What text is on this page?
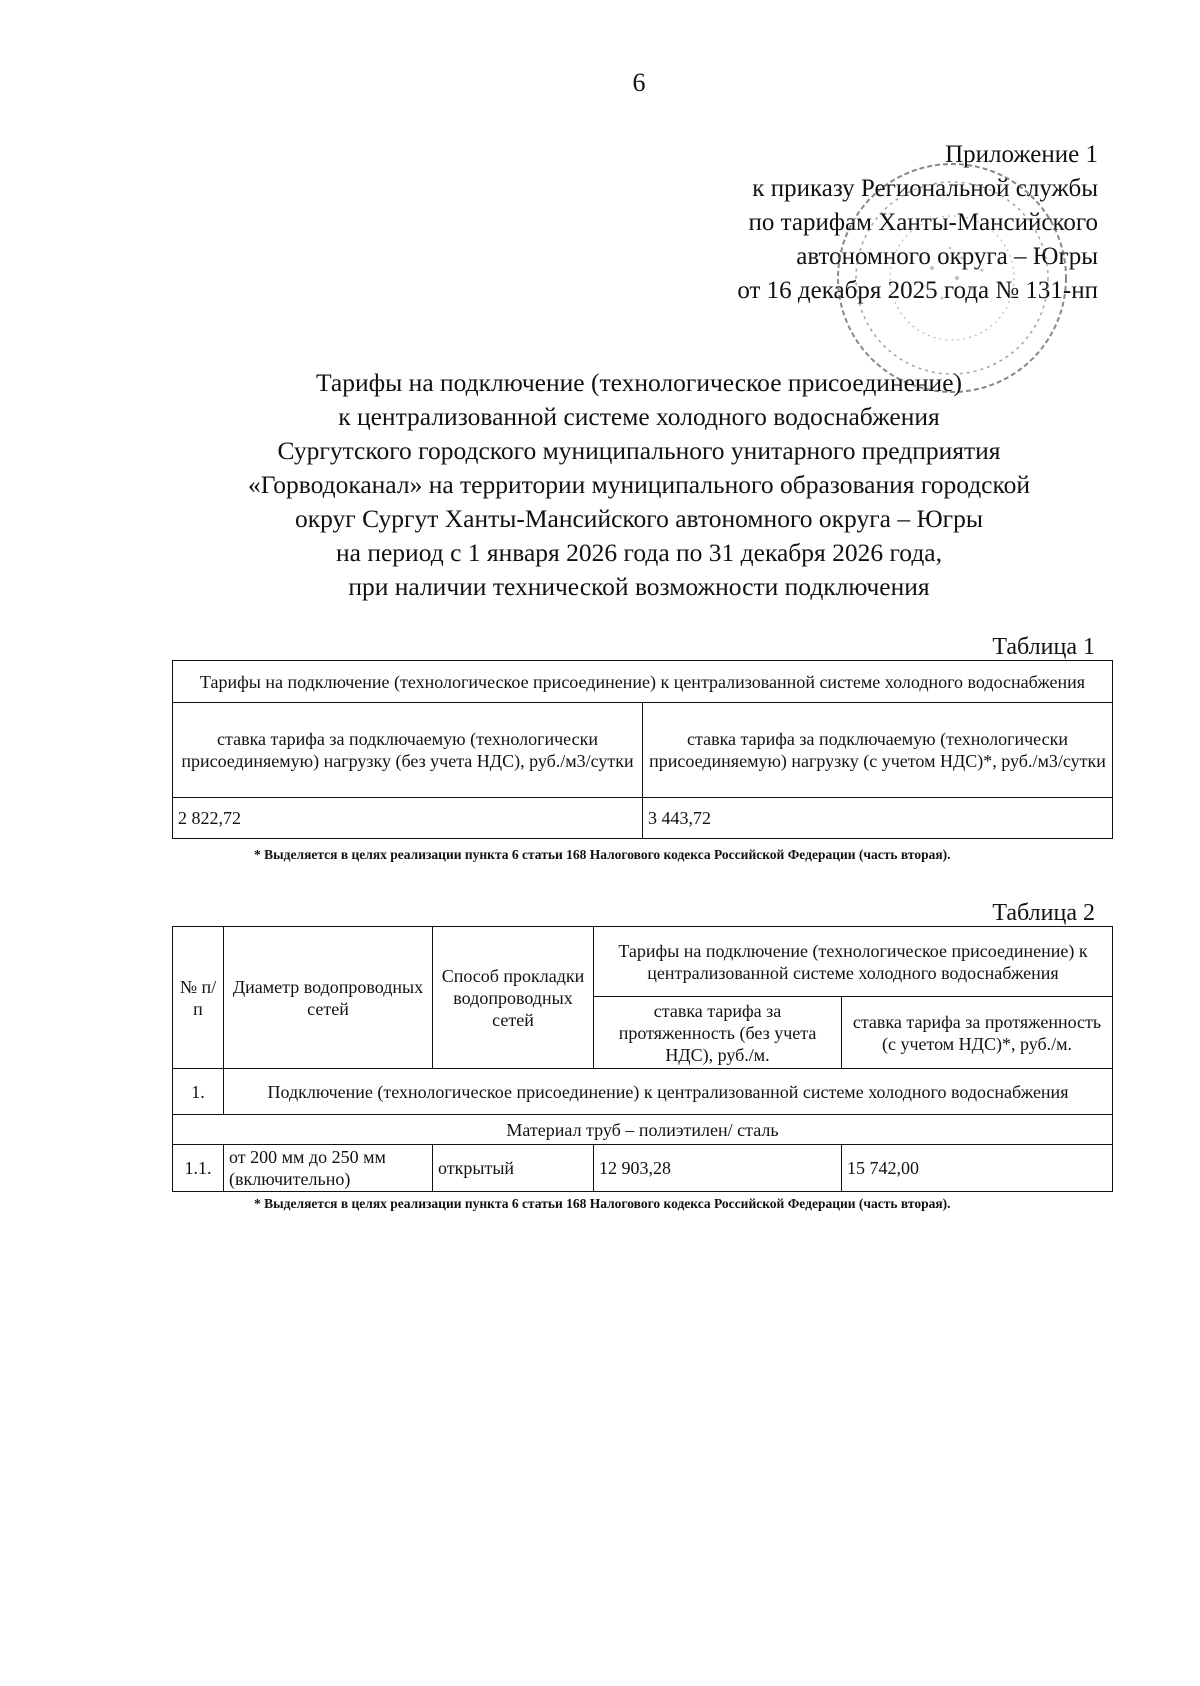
6
Приложение 1
к приказу Региональной службы
по тарифам Ханты-Мансийского
автономного округа – Югры
от 16 декабря 2025 года № 131-нп
Тарифы на подключение (технологическое присоединение)
к централизованной системе холодного водоснабжения
Сургутского городского муниципального унитарного предприятия
«Горводоканал» на территории муниципального образования городской
округ Сургут Ханты-Мансийского автономного округа – Югры
на период с 1 января 2026 года по 31 декабря 2026 года,
при наличии технической возможности подключения
Таблица 1
Тарифы на подключение (технологическое присоединение) к централизованной системе холодного водоснабжения	
ставка тарифа за подключаемую (технологически присоединяемую) нагрузку (без учета НДС), руб./м3/сутки	ставка тарифа за подключаемую (технологически присоединяемую) нагрузку (с учетом НДС)*, руб./м3/сутки
2 822,72	3 443,72
* Выделяется в целях реализации пункта 6 статьи 168 Налогового кодекса Российской Федерации (часть вторая).
Таблица 2
№ п/п	Диаметр водопроводных сетей	Способ прокладки водопроводных сетей	Тарифы на подключение (технологическое присоединение) к централизованной системе холодного водоснабжения	
			ставка тарифа за протяженность (без учета НДС), руб./м.	ставка тарифа за протяженность (с учетом НДС)*, руб./м.
1.	Подключение (технологическое присоединение) к централизованной системе холодного водоснабжения			
Материал труб – полиэтилен/ сталь				
1.1.	от 200 мм до 250 мм (включительно)	открытый	12 903,28	15 742,00
* Выделяется в целях реализации пункта 6 статьи 168 Налогового кодекса Российской Федерации (часть вторая).
